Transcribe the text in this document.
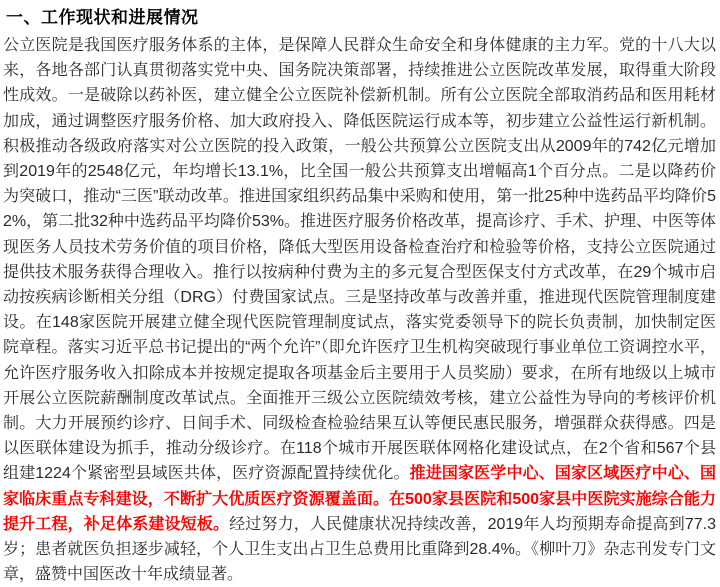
一、工作现状和进展情况

公立医院是我国医疗服务体系的主体，是保障人民群众生命安全和身体健康的主力军。党的十八大以来，各地各部门认真贯彻落实党中央、国务院决策部署，持续推进公立医院改革发展，取得重大阶段性成效。一是破除以药补医，建立健全公立医院补偿新机制。所有公立医院全部取消药品和医用耗材加成，通过调整医疗服务价格、加大政府投入、降低医院运行成本等，初步建立公益性运行新机制。积极推动各级政府落实对公立医院的投入政策，一般公共预算公立医院支出从2009年的742亿元增加到2019年的2548亿元，年均增长13.1%，比全国一般公共预算支出增幅高1个百分点。二是以降药价为突破口，推动“三医”联动改革。推进国家组织药品集中采购和使用，第一批25种中选药品平均降价52%，第二批32种中选药品平均降价53%。推进医疗服务价格改革，提高诊疗、手术、护理、中医等体现医务人员技术劳务价值的项目价格，降低大型医用设备检查治疗和检验等价格，支持公立医院通过提供技术服务获得合理收入。推行以按病种付费为主的多元复合型医保支付方式改革，在29个城市启动按疾病诊断相关分组（DRG）付费国家试点。三是坚持改革与改善并重，推进现代医院管理制度建设。在148家医院开展建立健全现代医院管理制度试点，落实党委领导下的院长负责制，加快制定医院章程。落实习近平总书记提出的“两个允许”（即允许医疗卫生机构突破现行事业单位工资调控水平，允许医疗服务收入扣除成本并按规定提取各项基金后主要用于人员奖励）要求，在所有地级以上城市开展公立医院薪酬制度改革试点。全面推开三级公立医院绩效考核，建立公益性为导向的考核评价机制。大力开展预约诊疗、日间手术、同级检查检验结果互认等便民惠民服务，增强群众获得感。四是以医联体建设为抓手，推动分级诊疗。在118个城市开展医联体网格化建设试点，在2个省和567个县组建1224个紧密型县域医共体，医疗资源配置持续优化。推进国家医学中心、国家区域医疗中心、国家临床重点专科建设，不断扩大优质医疗资源覆盖面。在500家县医院和500家县中医院实施综合能力提升工程，补足体系建设短板。经过努力，人民健康状况持续改善，2019年人均预期寿命提高到77.3岁；患者就医负担逐步减轻，个人卫生支出占卫生总费用比重降到28.4%。《柳叶刀》杂志刊发专门文章，盛赞中国医改十年成绩显著。
